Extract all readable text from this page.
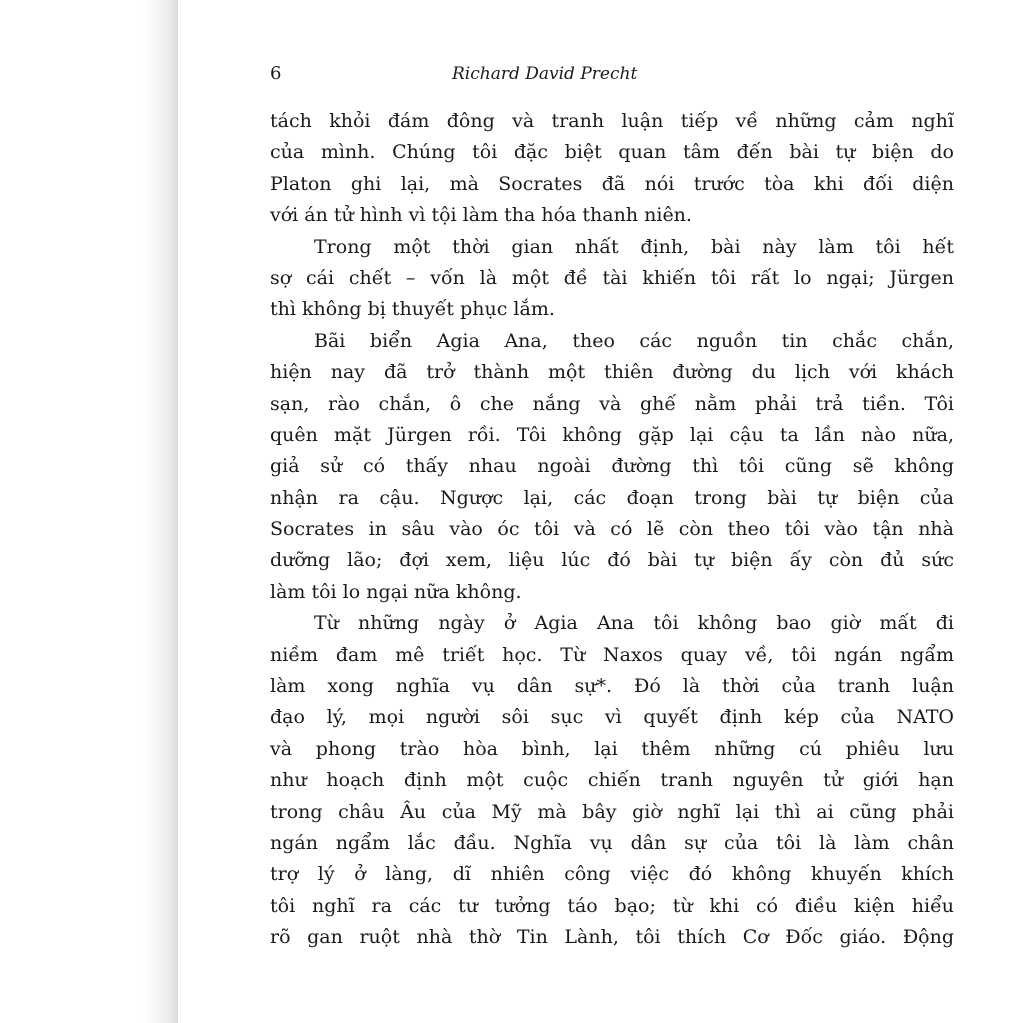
6	Richard David Precht
tách khỏi đám đông và tranh luận tiếp về những cảm nghĩ
của mình. Chúng tôi đặc biệt quan tâm đến bài tự biện do
Platon ghi lại, mà Socrates đã nói trước tòa khi đối diện
với án tử hình vì tội làm tha hóa thanh niên.
Trong một thời gian nhất định, bài này làm tôi hết
sợ cái chết – vốn là một đề tài khiến tôi rất lo ngại; Jürgen
thì không bị thuyết phục lắm.
Bãi biển Agia Ana, theo các nguồn tin chắc chắn,
hiện nay đã trở thành một thiên đường du lịch với khách
sạn, rào chắn, ô che nắng và ghế nằm phải trả tiền. Tôi
quên mặt Jürgen rồi. Tôi không gặp lại cậu ta lần nào nữa,
giả sử có thấy nhau ngoài đường thì tôi cũng sẽ không
nhận ra cậu. Ngược lại, các đoạn trong bài tự biện của
Socrates in sâu vào óc tôi và có lẽ còn theo tôi vào tận nhà
dưỡng lão; đợi xem, liệu lúc đó bài tự biện ấy còn đủ sức
làm tôi lo ngại nữa không.
Từ những ngày ở Agia Ana tôi không bao giờ mất đi
niềm đam mê triết học. Từ Naxos quay về, tôi ngán ngẩm
làm xong nghĩa vụ dân sự*. Đó là thời của tranh luận
đạo lý, mọi người sôi sục vì quyết định kép của NATO
và phong trào hòa bình, lại thêm những cú phiêu lưu
như hoạch định một cuộc chiến tranh nguyên tử giới hạn
trong châu Âu của Mỹ mà bây giờ nghĩ lại thì ai cũng phải
ngán ngẩm lắc đầu. Nghĩa vụ dân sự của tôi là làm chân
trợ lý ở làng, dĩ nhiên công việc đó không khuyến khích
tôi nghĩ ra các tư tưởng táo bạo; từ khi có điều kiện hiểu
rõ gan ruột nhà thờ Tin Lành, tôi thích Cơ Đốc giáo. Động
